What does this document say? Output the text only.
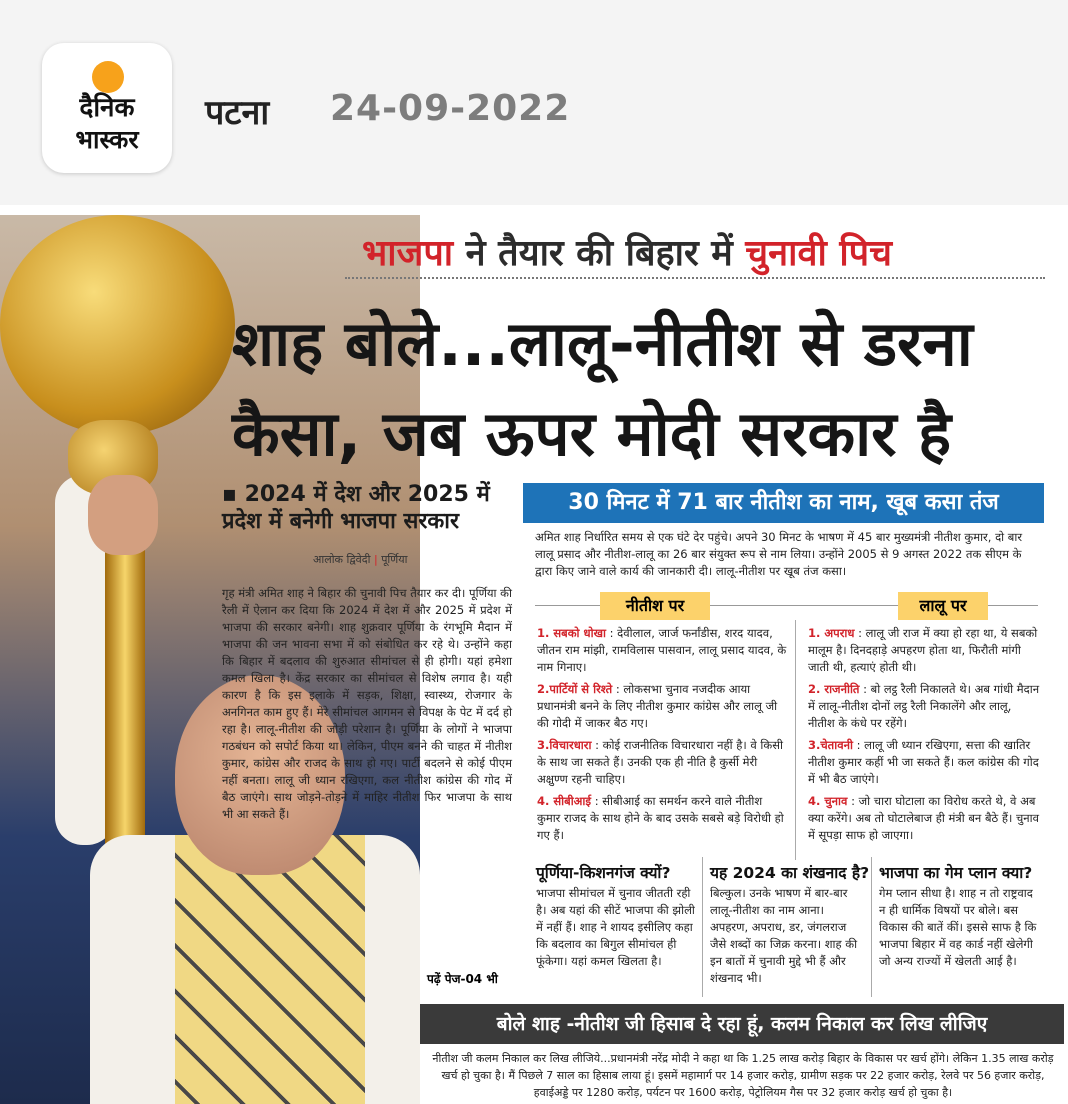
दैनिक
भास्कर
पटना 24-09-2022
भाजपा ने तैयार की बिहार में चुनावी पिच
शाह बोले...लालू-नीतीश से डरना
कैसा, जब ऊपर मोदी सरकार है
▪ 2024 में देश और 2025 में प्रदेश में बनेगी भाजपा सरकार
आलोक द्विवेदी | पूर्णिया
गृह मंत्री अमित शाह ने बिहार की चुनावी पिच तैयार कर दी। पूर्णिया की रैली में ऐलान कर दिया कि 2024 में देश में और 2025 में प्रदेश में भाजपा की सरकार बनेगी। शाह शुक्रवार पूर्णिया के रंगभूमि मैदान में भाजपा की जन भावना सभा में को संबोधित कर रहे थे। उन्होंने कहा कि बिहार में बदलाव की शुरुआत सीमांचल से ही होगी। यहां हमेशा कमल खिला है। केंद्र सरकार का सीमांचल से विशेष लगाव है। यही कारण है कि इस इलाके में सड़क, शिक्षा, स्वास्थ्य, रोजगार के अनगिनत काम हुए हैं। मेरे सीमांचल आगमन से विपक्ष के पेट में दर्द हो रहा है। लालू-नीतीश की जोड़ी परेशान है। पूर्णिया के लोगों ने भाजपा गठबंधन को सपोर्ट किया था। लेकिन, पीएम बनने की चाहत में नीतीश कुमार, कांग्रेस और राजद के साथ हो गए। पार्टी बदलने से कोई पीएम नहीं बनता। लालू जी ध्यान रखिएगा, कल नीतीश कांग्रेस की गोद में बैठ जाएंगे। साथ जोड़ने-तोड़ने में माहिर नीतीश फिर भाजपा के साथ भी आ सकते हैं।
पढ़ें पेज-04 भी
30 मिनट में 71 बार नीतीश का नाम, खूब कसा तंज
अमित शाह निर्धारित समय से एक घंटे देर पहुंचे। अपने 30 मिनट के भाषण में 45 बार मुख्यमंत्री नीतीश कुमार, दो बार लालू प्रसाद और नीतीश-लालू का 26 बार संयुक्त रूप से नाम लिया। उन्होंने 2005 से 9 अगस्त 2022 तक सीएम के द्वारा किए जाने वाले कार्य की जानकारी दी। लालू-नीतीश पर खूब तंज कसा।
नीतीश पर	लालू पर
1. सबको धोखा : देवीलाल, जार्ज फर्नांडीस, शरद यादव, जीतन राम मांझी, रामविलास पासवान, लालू प्रसाद यादव, के नाम गिनाए।
2.पार्टियों से रिश्ते : लोकसभा चुनाव नजदीक आया प्रधानमंत्री बनने के लिए नीतीश कुमार कांग्रेस और लालू जी की गोदी में जाकर बैठ गए।
3.विचारधारा : कोई राजनीतिक विचारधारा नहीं है। वे किसी के साथ जा सकते हैं। उनकी एक ही नीति है कुर्सी मेरी अक्षुण्ण रहनी चाहिए।
4. सीबीआई : सीबीआई का समर्थन करने वाले नीतीश कुमार राजद के साथ होने के बाद उसके सबसे बड़े विरोधी हो गए हैं।
1. अपराध : लालू जी राज में क्या हो रहा था, ये सबको मालूम है। दिनदहाड़े अपहरण होता था, फिरौती मांगी जाती थी, हत्याएं होती थी।
2. राजनीति : बो लट्ठ रैली निकालते थे। अब गांधी मैदान में लालू-नीतीश दोनों लट्ठ रैली निकालेंगे और लालू, नीतीश के कंधे पर रहेंगे।
3.चेतावनी : लालू जी ध्यान रखिएगा, सत्ता की खातिर नीतीश कुमार कहीं भी जा सकते हैं। कल कांग्रेस की गोद में भी बैठ जाएंगे।
4. चुनाव : जो चारा घोटाला का विरोध करते थे, वे अब क्या करेंगे। अब तो घोटालेबाज ही मंत्री बन बैठे हैं। चुनाव में सूपड़ा साफ हो जाएगा।
पूर्णिया-किशनगंज क्यों?
भाजपा सीमांचल में चुनाव जीतती रही है। अब यहां की सीटें भाजपा की झोली में नहीं हैं। शाह ने शायद इसीलिए कहा कि बदलाव का बिगुल सीमांचल ही फूंकेगा। यहां कमल खिलता है।
यह 2024 का शंखनाद है?
बिल्कुल। उनके भाषण में बार-बार लालू-नीतीश का नाम आना। अपहरण, अपराध, डर, जंगलराज जैसे शब्दों का जिक्र करना। शाह की इन बातों में चुनावी मुद्दे भी हैं और शंखनाद भी।
भाजपा का गेम प्लान क्या?
गेम प्लान सीधा है। शाह न तो राष्ट्रवाद न ही धार्मिक विषयों पर बोले। बस विकास की बातें कीं। इससे साफ है कि भाजपा बिहार में वह कार्ड नहीं खेलेगी जो अन्य राज्यों में खेलती आई है।
बोले शाह -नीतीश जी हिसाब दे रहा हूं, कलम निकाल कर लिख लीजिए
नीतीश जी कलम निकाल कर लिख लीजिये...प्रधानमंत्री नरेंद्र मोदी ने कहा था कि 1.25 लाख करोड़ बिहार के विकास पर खर्च होंगे। लेकिन 1.35 लाख करोड़ खर्च हो चुका है। मैं पिछले 7 साल का हिसाब लाया हूं। इसमें महामार्ग पर 14 हजार करोड़, ग्रामीण सड़क पर 22 हजार करोड़, रेलवे पर 56 हजार करोड़, हवाईअड्डे पर 1280 करोड़, पर्यटन पर 1600 करोड़, पेट्रोलियम गैस पर 32 हजार करोड़ खर्च हो चुका है।
